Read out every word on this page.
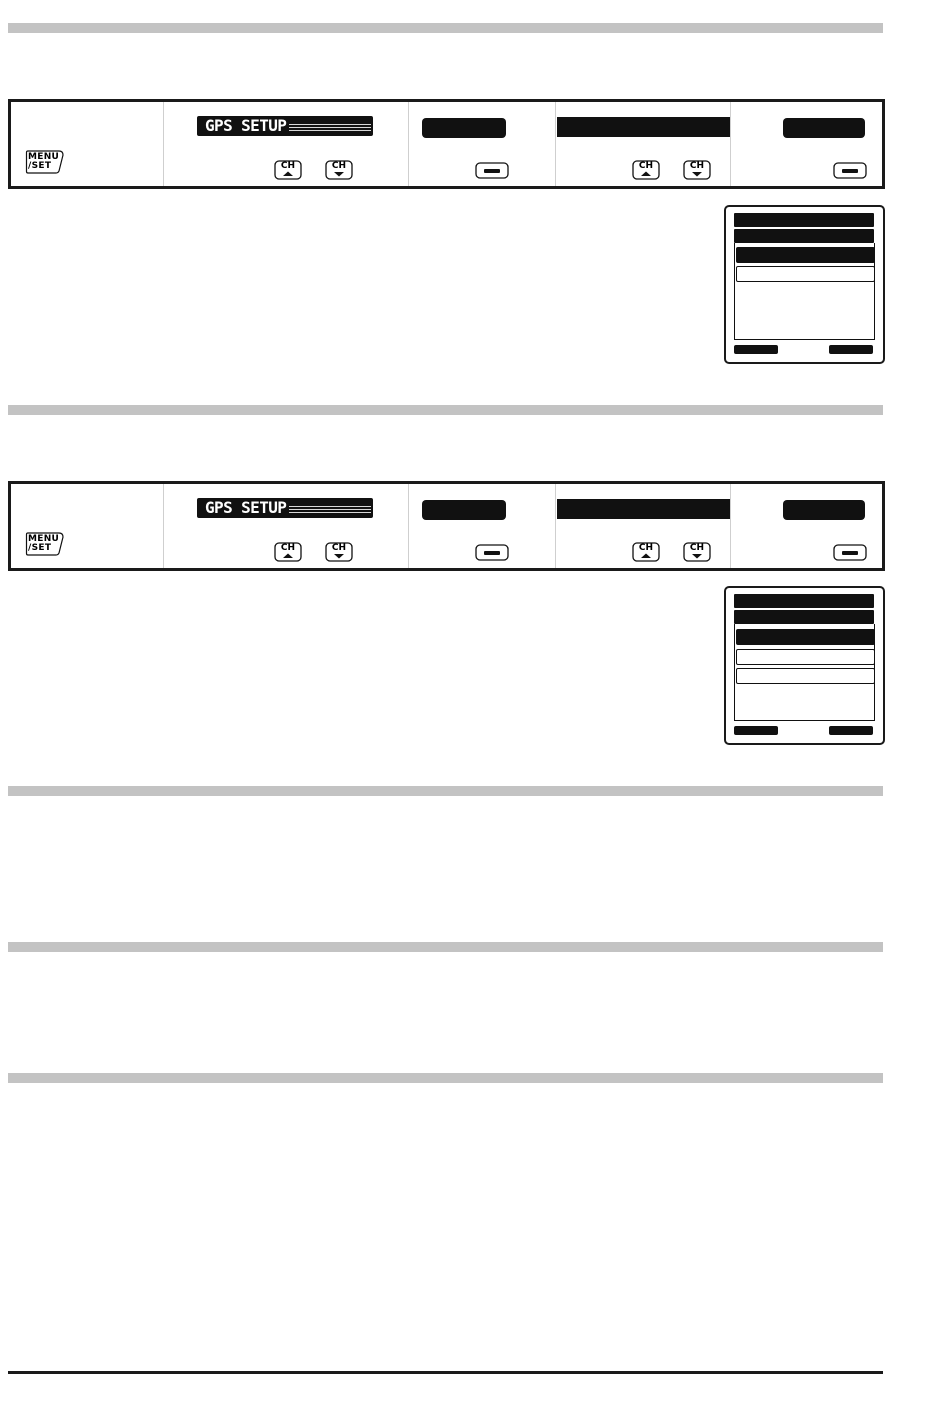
MENU
/SET
GPS SETUP
CH	CH	CH	CH
MENU
/SET
GPS SETUP
CH	CH	CH	CH
